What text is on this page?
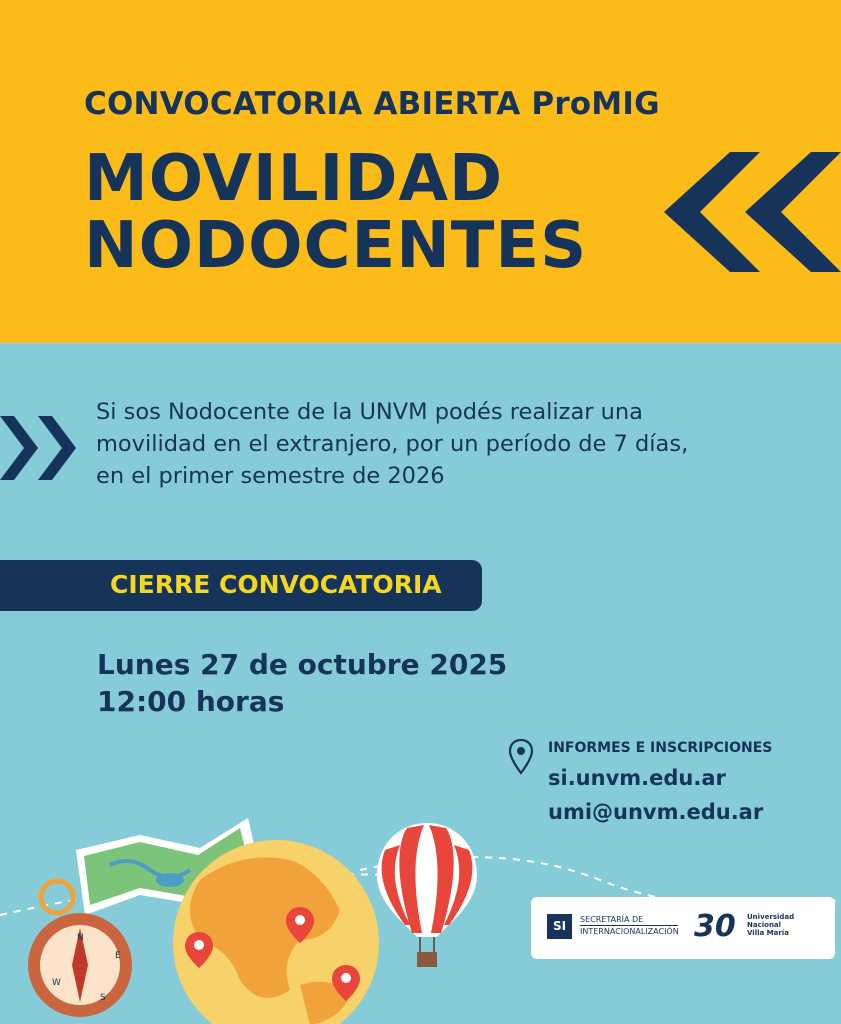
CONVOCATORIA ABIERTA ProMIG
MOVILIDAD
NODOCENTES
Si sos Nodocente de la UNVM podés realizar una
movilidad en el extranjero, por un período de 7 días,
en el primer semestre de 2026
CIERRE CONVOCATORIA
Lunes 27 de octubre 2025
12:00 horas
INFORMES E INSCRIPCIONES
si.unvm.edu.ar
umi@unvm.edu.ar
N
E
W
S
SI	SECRETARÍA DE
INTERNACIONALIZACIÓN 30 Universidad
Nacional
Villa María
